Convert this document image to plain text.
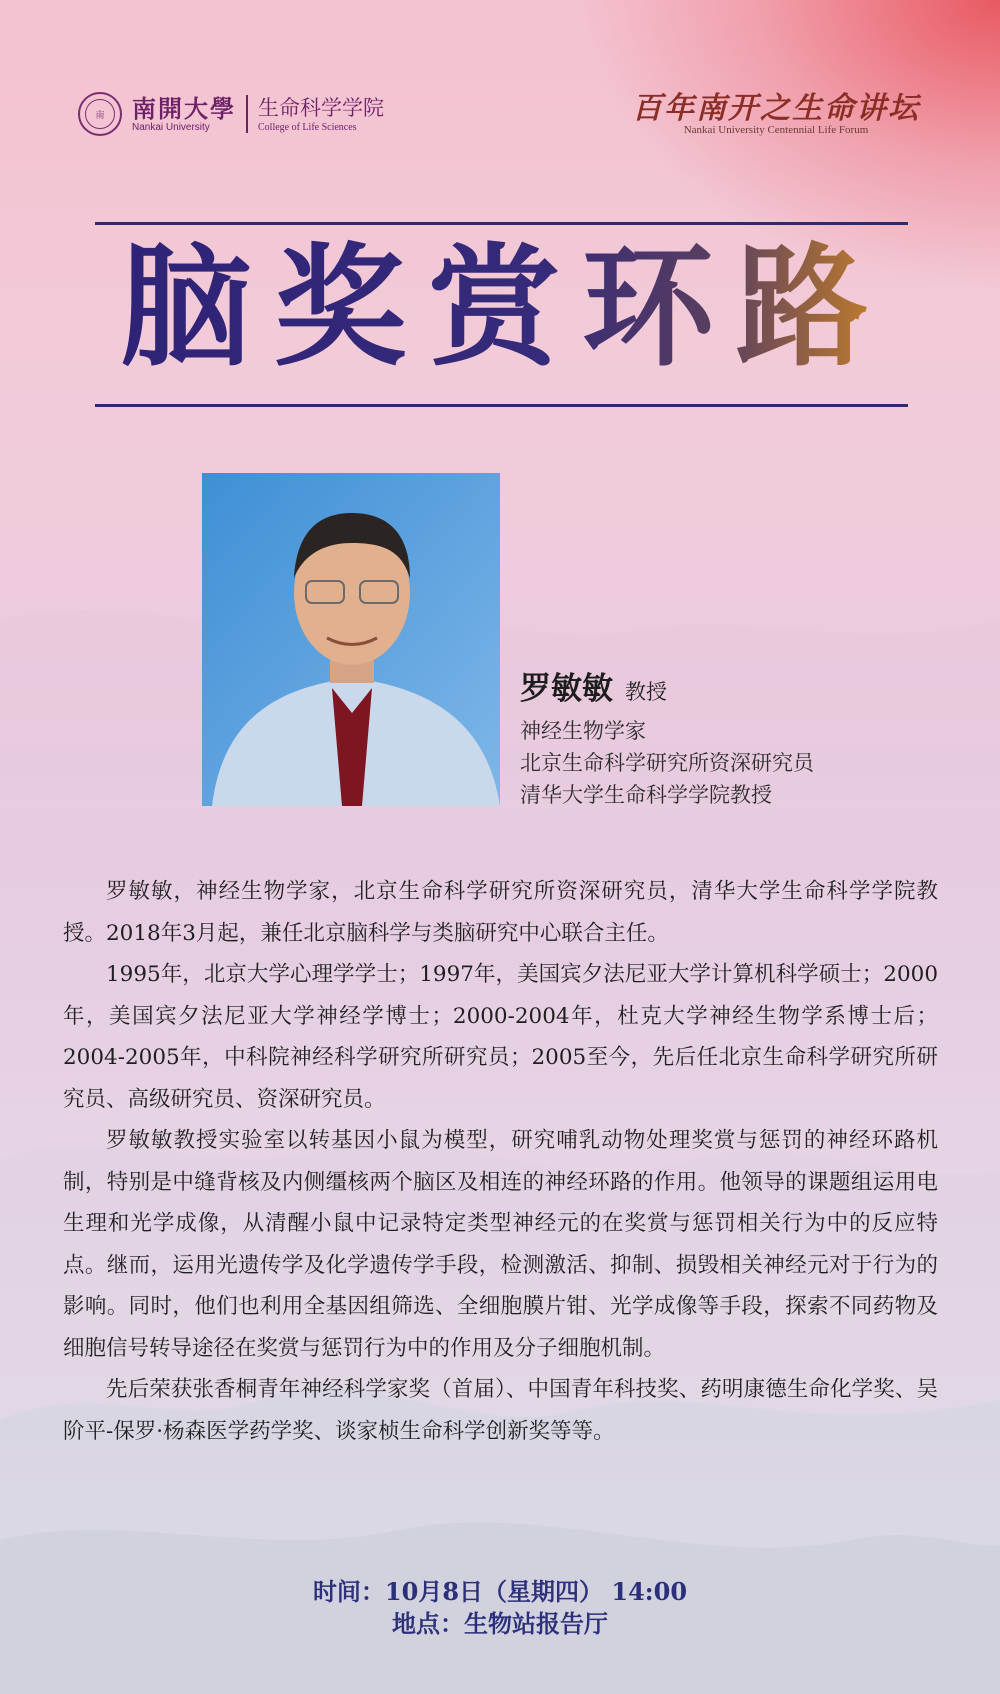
南	南開大學
Nankai University
生命科学学院
College of Life Sciences
百年南开之生命讲坛
Nankai University Centennial Life Forum
脑奖赏环路
罗敏敏 教授
神经生物学家
北京生命科学研究所资深研究员
清华大学生命科学学院教授

罗敏敏，神经生物学家，北京生命科学研究所资深研究员，清华大学生命科学学院教授。2018年3月起，兼任北京脑科学与类脑研究中心联合主任。

1995年，北京大学心理学学士；1997年，美国宾夕法尼亚大学计算机科学硕士；2000年，美国宾夕法尼亚大学神经学博士；2000-2004年，杜克大学神经生物学系博士后；2004-2005年，中科院神经科学研究所研究员；2005至今，先后任北京生命科学研究所研究员、高级研究员、资深研究员。

罗敏敏教授实验室以转基因小鼠为模型，研究哺乳动物处理奖赏与惩罚的神经环路机制，特别是中缝背核及内侧缰核两个脑区及相连的神经环路的作用。他领导的课题组运用电生理和光学成像，从清醒小鼠中记录特定类型神经元的在奖赏与惩罚相关行为中的反应特点。继而，运用光遗传学及化学遗传学手段，检测激活、抑制、损毁相关神经元对于行为的影响。同时，他们也利用全基因组筛选、全细胞膜片钳、光学成像等手段，探索不同药物及细胞信号转导途径在奖赏与惩罚行为中的作用及分子细胞机制。

先后荣获张香桐青年神经科学家奖（首届）、中国青年科技奖、药明康德生命化学奖、吴阶平-保罗·杨森医学药学奖、谈家桢生命科学创新奖等等。

时间：10月8日（星期四） 14:00
地点：生物站报告厅
